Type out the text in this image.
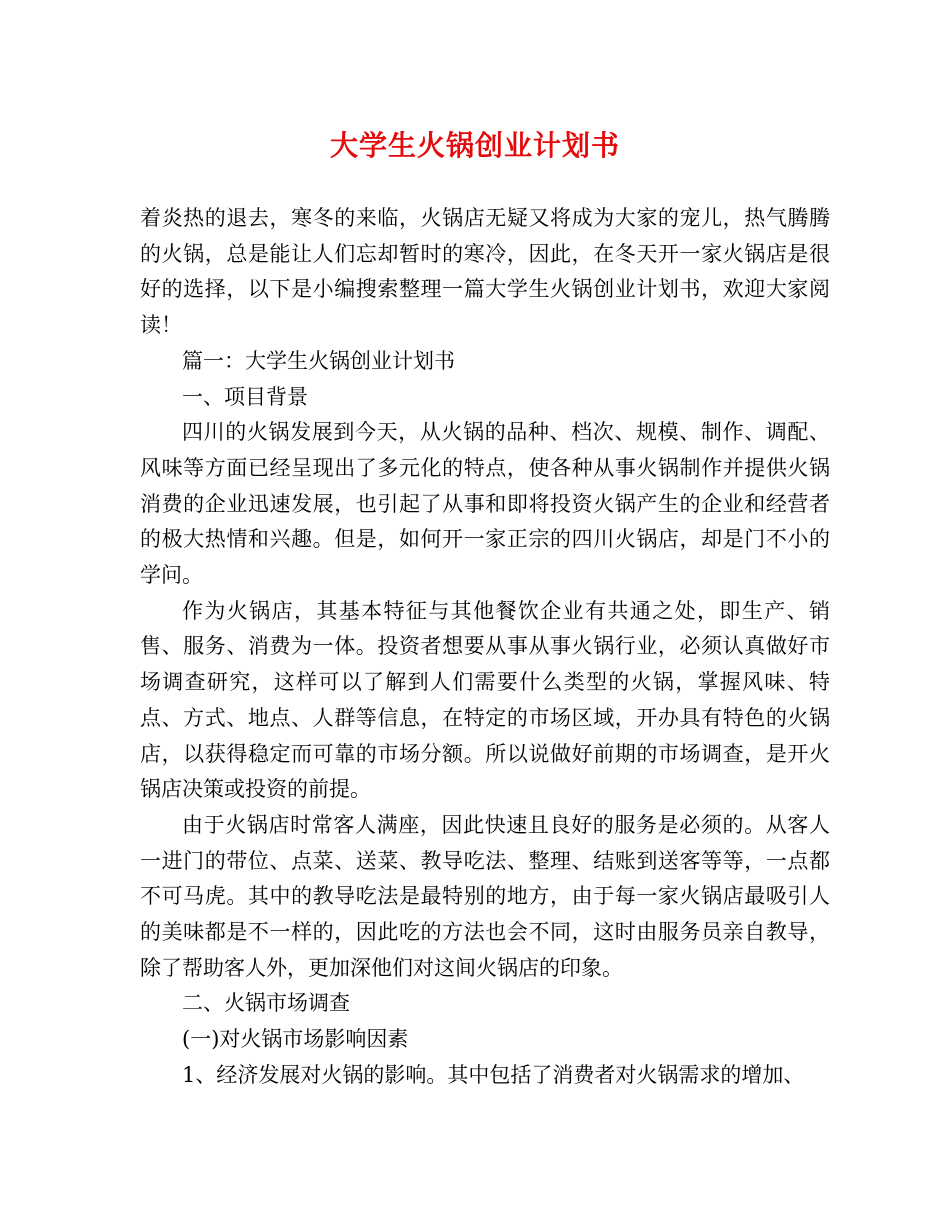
大学生火锅创业计划书

着炎热的退去，寒冬的来临，火锅店无疑又将成为大家的宠儿，热气腾腾的火锅，总是能让人们忘却暂时的寒冷，因此，在冬天开一家火锅店是很好的选择，以下是小编搜索整理一篇大学生火锅创业计划书，欢迎大家阅读！

篇一：大学生火锅创业计划书

一、项目背景

四川的火锅发展到今天，从火锅的品种、档次、规模、制作、调配、风味等方面已经呈现出了多元化的特点，使各种从事火锅制作并提供火锅消费的企业迅速发展，也引起了从事和即将投资火锅产生的企业和经营者的极大热情和兴趣。但是，如何开一家正宗的四川火锅店，却是门不小的学问。

作为火锅店，其基本特征与其他餐饮企业有共通之处，即生产、销售、服务、消费为一体。投资者想要从事从事火锅行业，必须认真做好市场调查研究，这样可以了解到人们需要什么类型的火锅，掌握风味、特点、方式、地点、人群等信息，在特定的市场区域，开办具有特色的火锅店，以获得稳定而可靠的市场分额。所以说做好前期的市场调查，是开火锅店决策或投资的前提。

由于火锅店时常客人满座，因此快速且良好的服务是必须的。从客人一进门的带位、点菜、送菜、教导吃法、整理、结账到送客等等，一点都不可马虎。其中的教导吃法是最特别的地方，由于每一家火锅店最吸引人的美味都是不一样的，因此吃的方法也会不同，这时由服务员亲自教导，除了帮助客人外，更加深他们对这间火锅店的印象。

二、火锅市场调查

(一)对火锅市场影响因素

1、经济发展对火锅的影响。其中包括了消费者对火锅需求的增加、
